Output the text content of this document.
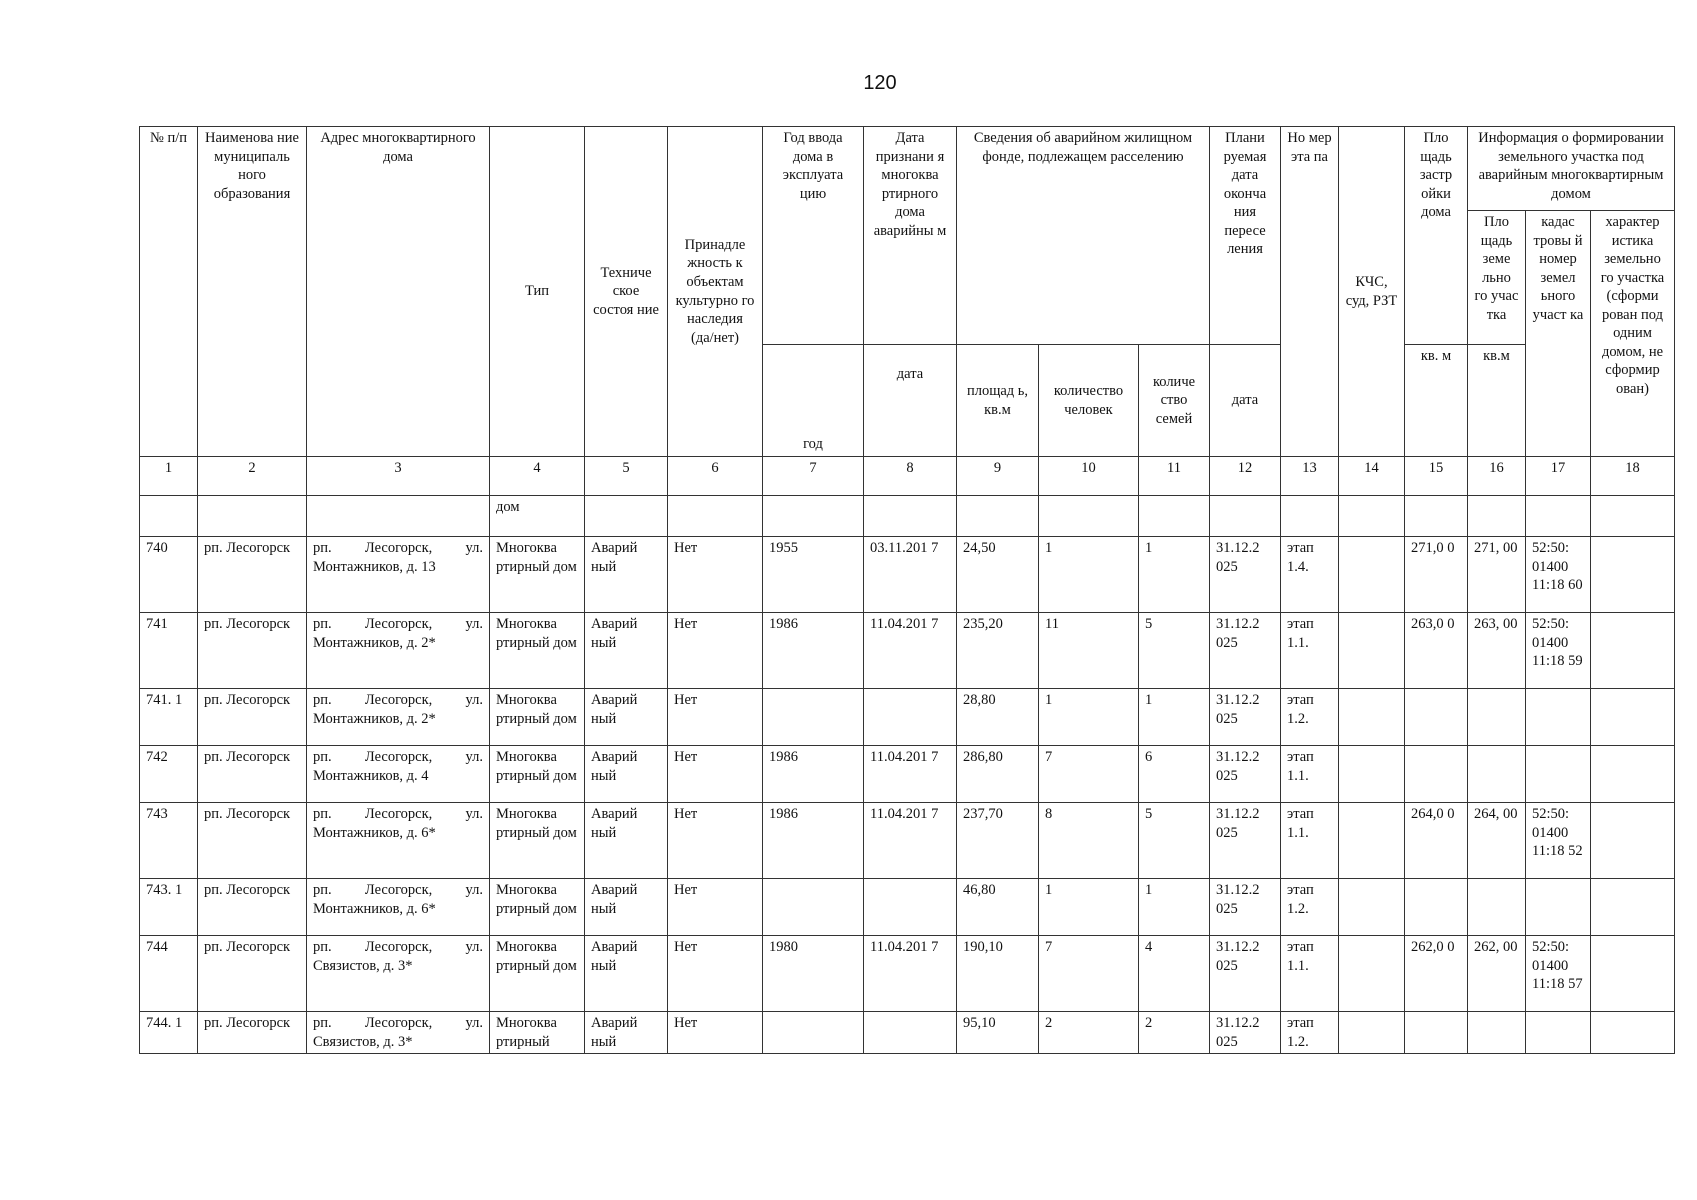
120
№ п/п	Наименова ние муниципаль ного образования	Адрес многоквартирного дома	Тип	Техниче ское состоя ние	Принадле жность к объектам культурно го наследия (да/нет)	Год ввода дома в эксплуата цию	Дата признани я многоква ртирного дома аварийны м	Сведения об аварийном жилищном фонде, подлежащем расселению			Плани руемая дата оконча ния пересе ления	Но мер эта па	КЧС, суд, РЗТ	Пло щадь застр ойки дома	Информация о формировании земельного участка под аварийным многоквартирным домом		
															Пло щадь земе льно го учас тка	кадас тровы й номер земел ьного участ ка	характер истика земельно го участка (сформи рован под одним домом, не сформир ован)
						год	дата	площад ь, кв.м	количество человек	количе ство семей	дата			кв. м	кв.м		
1	2	3	4	5	6	7	8	9	10	11	12	13	14	15	16	17	18
			дом														
740	рп. Лесогорск	рп. Лесогорск, ул. Монтажников, д. 13	Многоква ртирный дом	Аварий ный	Нет	1955	03.11.201 7	24,50	1	1	31.12.2 025	этап 1.4.		271,0 0	271, 00	52:50: 01400 11:18 60	
741	рп. Лесогорск	рп. Лесогорск, ул. Монтажников, д. 2*	Многоква ртирный дом	Аварий ный	Нет	1986	11.04.201 7	235,20	11	5	31.12.2 025	этап 1.1.		263,0 0	263, 00	52:50: 01400 11:18 59	
741. 1	рп. Лесогорск	рп. Лесогорск, ул. Монтажников, д. 2*	Многоква ртирный дом	Аварий ный	Нет			28,80	1	1	31.12.2 025	этап 1.2.					
742	рп. Лесогорск	рп. Лесогорск, ул. Монтажников, д. 4	Многоква ртирный дом	Аварий ный	Нет	1986	11.04.201 7	286,80	7	6	31.12.2 025	этап 1.1.					
743	рп. Лесогорск	рп. Лесогорск, ул. Монтажников, д. 6*	Многоква ртирный дом	Аварий ный	Нет	1986	11.04.201 7	237,70	8	5	31.12.2 025	этап 1.1.		264,0 0	264, 00	52:50: 01400 11:18 52	
743. 1	рп. Лесогорск	рп. Лесогорск, ул. Монтажников, д. 6*	Многоква ртирный дом	Аварий ный	Нет			46,80	1	1	31.12.2 025	этап 1.2.					
744	рп. Лесогорск	рп. Лесогорск, ул. Связистов, д. 3*	Многоква ртирный дом	Аварий ный	Нет	1980	11.04.201 7	190,10	7	4	31.12.2 025	этап 1.1.		262,0 0	262, 00	52:50: 01400 11:18 57	
744. 1	рп. Лесогорск	рп. Лесогорск, ул. Связистов, д. 3*	Многоква ртирный	Аварий ный	Нет			95,10	2	2	31.12.2 025	этап 1.2.					
